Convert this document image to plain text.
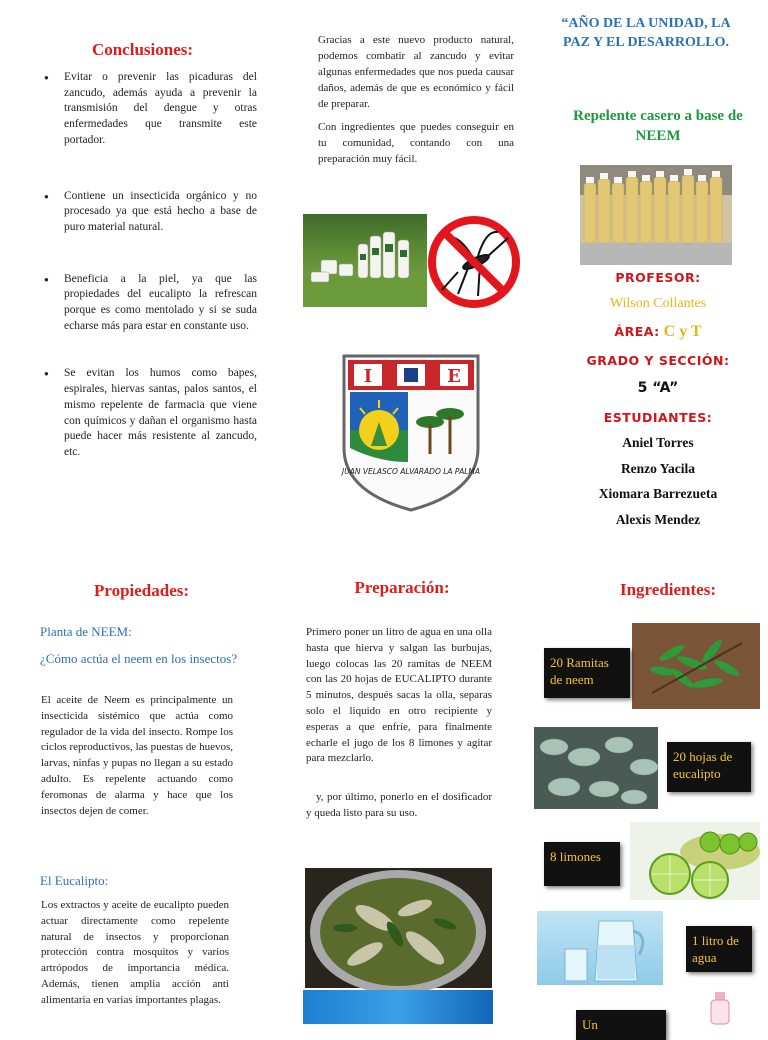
Conclusiones:
● Evitar o prevenir las picaduras del zancudo, además ayuda a prevenir la transmisión del dengue y otras enfermedades que transmite este portador.
● Contiene un insecticida orgánico y no procesado ya que está hecho a base de puro material natural.
● Beneficia a la piel, ya que las propiedades del eucalipto la refrescan porque es como mentolado y si se suda echarse más para estar en constante uso.
● Se evitan los humos como bapes, espirales, hiervas santas, palos santos, el mismo repelente de farmacia que viene con químicos y dañan el organismo hasta puede hacer más resistente al zancudo, etc.

Gracias a este nuevo producto natural, podemos combatir al zancudo y evitar algunas enfermedades que nos pueda causar daños, además de que es económico y fácil de preparar.

Con ingredientes que puedes conseguir en tu comunidad, contando con una preparación muy fácil.

I	E
JUAN VELASCO ALVARADO LA PALMA
“AÑO DE LA UNIDAD, LA PAZ Y EL DESARROLLO.
Repelente casero a base de NEEM
PROFESOR:
Wilson Collantes
ÁREA: C y T
GRADO Y SECCIÓN:
5 “A”
ESTUDIANTES:
Aniel Torres
Renzo Yacila
Xiomara Barrezueta
Alexis Mendez
Propiedades:
Planta de NEEM:
¿Cómo actúa el neem en los insectos?

El aceite de Neem es principalmente un insecticida sistémico que actúa como regulador de la vida del insecto. Rompe los ciclos reproductivos, las puestas de huevos, larvas, ninfas y pupas no llegan a su estado adulto. Es repelente actuando como feromonas de alarma y hace que los insectos dejen de comer.

El Eucalipto:

Los extractos y aceite de eucalipto pueden actuar directamente como repelente natural de insectos y proporcionan protección contra mosquitos y varios artrópodos de importancia médica. Además, tienen amplia acción anti alimentaria en varias importantes plagas.

Preparación:

Primero poner un litro de agua en una olla hasta que hierva y salgan las burbujas, luego colocas las 20 ramitas de NEEM con las 20 hojas de EUCALIPTO durante 5 minutos, después sacas la olla, separas solo el liquido en otro recipiente y esperas a que enfríe, para finalmente echarle el jugo de los 8 limones y agitar para mezclarlo.

y, por último, ponerlo en el dosificador y queda listo para su uso.

Ingredientes:
20 Ramitas de neem
20 hojas de eucalipto
8 limones
1 litro de agua
Un
